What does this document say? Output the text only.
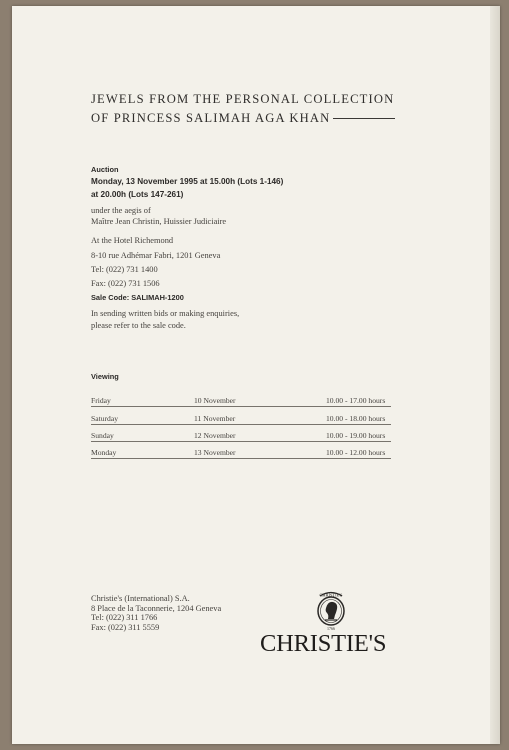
JEWELS FROM THE PERSONAL COLLECTION
OF PRINCESS SALIMAH AGA KHAN
Auction
Monday, 13 November 1995 at 15.00h (Lots 1-146)
at 20.00h (Lots 147-261)
under the aegis of
Maître Jean Christin, Huissier Judiciaire
At the Hotel Richemond
8-10 rue Adhémar Fabri, 1201 Geneva
Tel: (022) 731 1400
Fax: (022) 731 1506
Sale Code: SALIMAH-1200
In sending written bids or making enquiries,
please refer to the sale code.
Viewing
Friday	10 November	10.00 - 17.00 hours
Saturday	11 November	10.00 - 18.00 hours
Sunday	12 November	10.00 - 19.00 hours
Monday	13 November	10.00 - 12.00 hours
Christie's (International) S.A.
8 Place de la Taconnerie, 1204 Geneva
Tel: (022) 311 1766
Fax: (022) 311 5559
CHRISTIE'S
1766
CHRISTIE'S
